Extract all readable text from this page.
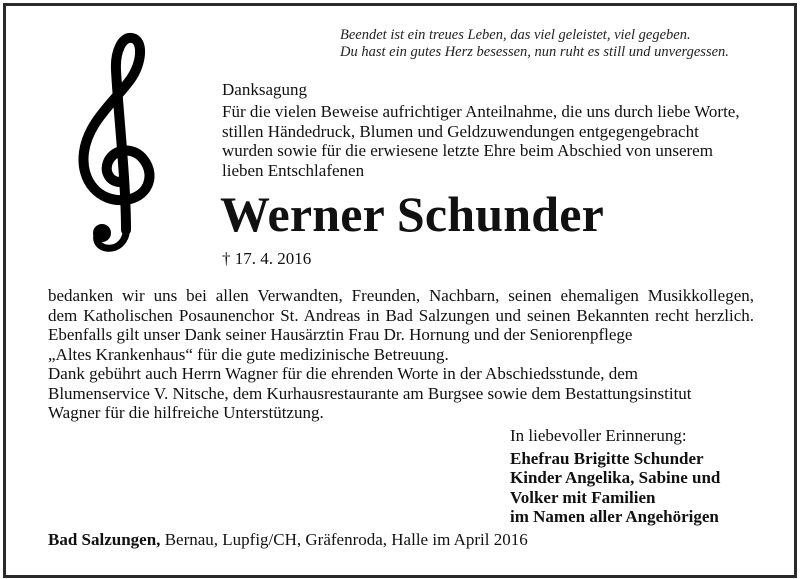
Beendet ist ein treues Leben, das viel geleistet, viel gegeben.
Du hast ein gutes Herz besessen, nun ruht es still und unvergessen.
Danksagung
Für die vielen Beweise aufrichtiger Anteilnahme, die uns durch liebe Worte,
stillen Händedruck, Blumen und Geldzuwendungen entgegengebracht
wurden sowie für die erwiesene letzte Ehre beim Abschied von unserem
lieben Entschlafenen
Werner Schunder
† 17. 4. 2016
bedanken wir uns bei allen Verwandten, Freunden, Nachbarn, seinen ehemaligen Musikkollegen,
dem Katholischen Posaunenchor St. Andreas in Bad Salzungen und seinen Bekannten recht herzlich.
Ebenfalls gilt unser Dank seiner Hausärztin Frau Dr. Hornung und der Seniorenpflege
„Altes Krankenhaus“ für die gute medizinische Betreuung.
Dank gebührt auch Herrn Wagner für die ehrenden Worte in der Abschiedsstunde, dem
Blumenservice V. Nitsche, dem Kurhausrestaurante am Burgsee sowie dem Bestattungsinstitut
Wagner für die hilfreiche Unterstützung.
In liebevoller Erinnerung:
Ehefrau Brigitte Schunder
Kinder Angelika, Sabine und
Volker mit Familien
im Namen aller Angehörigen
Bad Salzungen, Bernau, Lupfig/CH, Gräfenroda, Halle im April 2016
